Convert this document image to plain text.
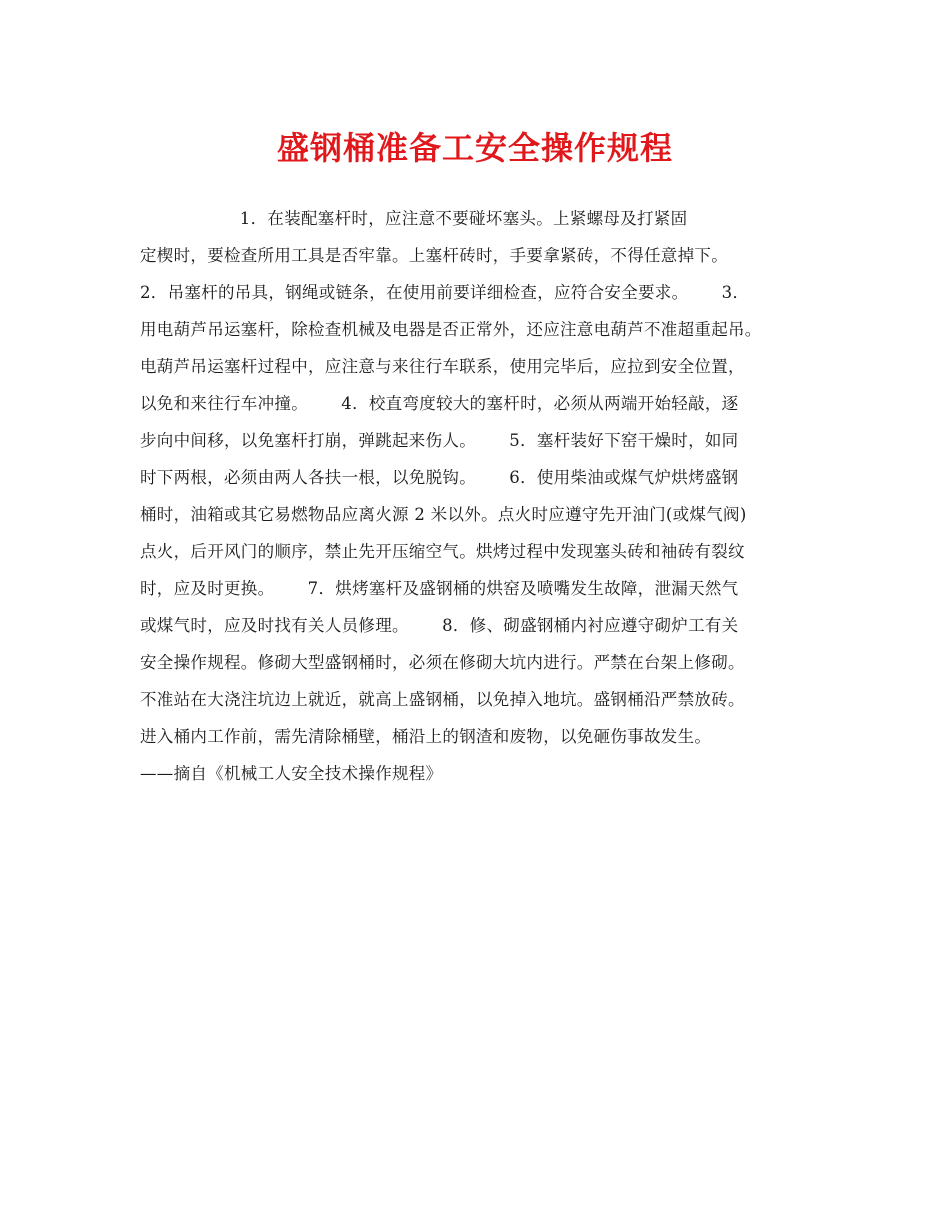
盛钢桶准备工安全操作规程
1．在装配塞杆时，应注意不要碰坏塞头。上紧螺母及打紧固
定楔时，要检查所用工具是否牢靠。上塞杆砖时，手要拿紧砖，不得任意掉下。
2．吊塞杆的吊具，钢绳或链条，在使用前要详细检查，应符合安全要求。      3．
用电葫芦吊运塞杆，除检查机械及电器是否正常外，还应注意电葫芦不准超重起吊。
电葫芦吊运塞杆过程中，应注意与来往行车联系，使用完毕后，应拉到安全位置，
以免和来往行车冲撞。      4．校直弯度较大的塞杆时，必须从两端开始轻敲，逐
步向中间移，以免塞杆打崩，弹跳起来伤人。      5．塞杆装好下窑干燥时，如同
时下两根，必须由两人各扶一根，以免脱钩。      6．使用柴油或煤气炉烘烤盛钢
桶时，油箱或其它易燃物品应离火源 2 米以外。点火时应遵守先开油门(或煤气阀)
点火，后开风门的顺序，禁止先开压缩空气。烘烤过程中发现塞头砖和袖砖有裂纹
时，应及时更换。      7．烘烤塞杆及盛钢桶的烘窑及喷嘴发生故障，泄漏天然气
或煤气时，应及时找有关人员修理。      8．修、砌盛钢桶内衬应遵守砌炉工有关
安全操作规程。修砌大型盛钢桶时，必须在修砌大坑内进行。严禁在台架上修砌。
不准站在大浇注坑边上就近，就高上盛钢桶，以免掉入地坑。盛钢桶沿严禁放砖。
进入桶内工作前，需先清除桶壁，桶沿上的钢渣和废物，以免砸伤事故发生。
——摘自《机械工人安全技术操作规程》
